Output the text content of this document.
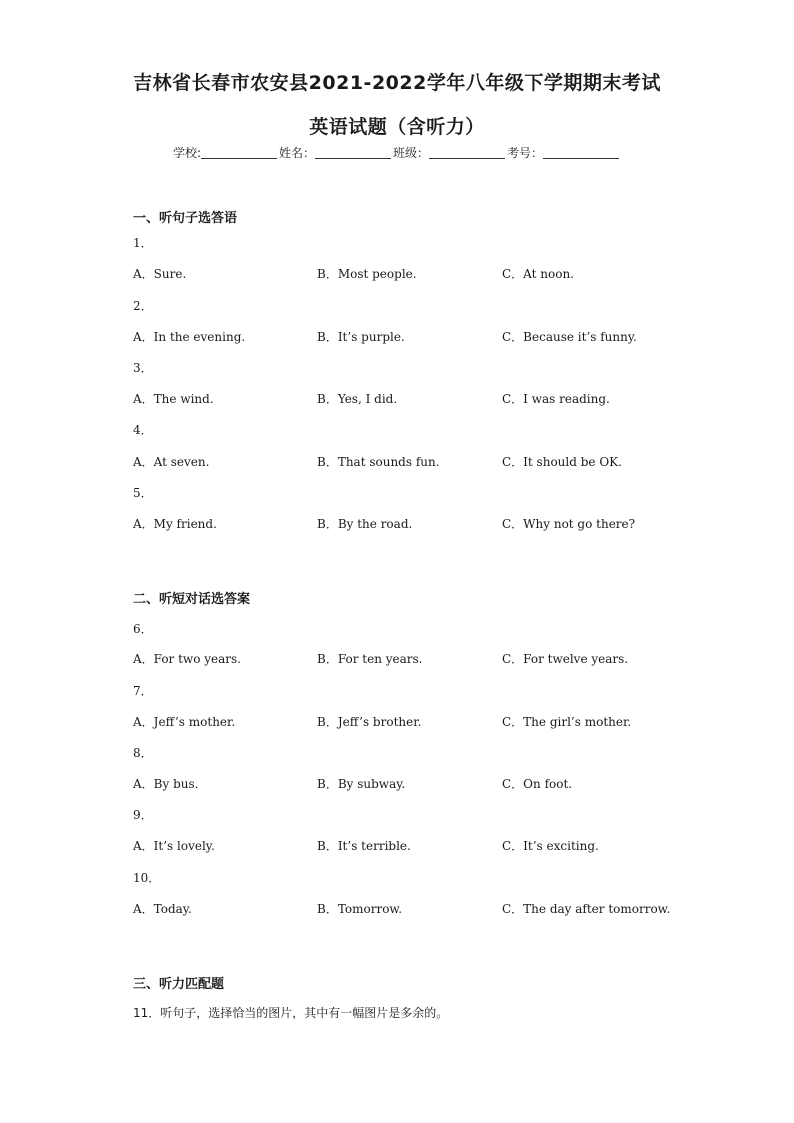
吉林省长春市农安县2021-2022学年八年级下学期期末考试
英语试题（含听力）
学校:	姓名：	班级：	考号：
一、听句子选答语
1．
A．Sure.	B．Most people.	C．At noon.
2．
A．In the evening.	B．It’s purple.	C．Because it’s funny.
3．
A．The wind.	B．Yes, I did.	C．I was reading.
4．
A．At seven.	B．That sounds fun.	C．It should be OK.
5．
A．My friend.	B．By the road.	C．Why not go there?
二、听短对话选答案
6．
A．For two years.	B．For ten years.	C．For twelve years.
7．
A．Jeff’s mother.	B．Jeff’s brother.	C．The girl’s mother.
8．
A．By bus.	B．By subway.	C．On foot.
9．
A．It’s lovely.	B．It’s terrible.	C．It’s exciting.
10．
A．Today.	B．Tomorrow.	C．The day after tomorrow.
三、听力匹配题
11．听句子，选择恰当的图片，其中有一幅图片是多余的。
